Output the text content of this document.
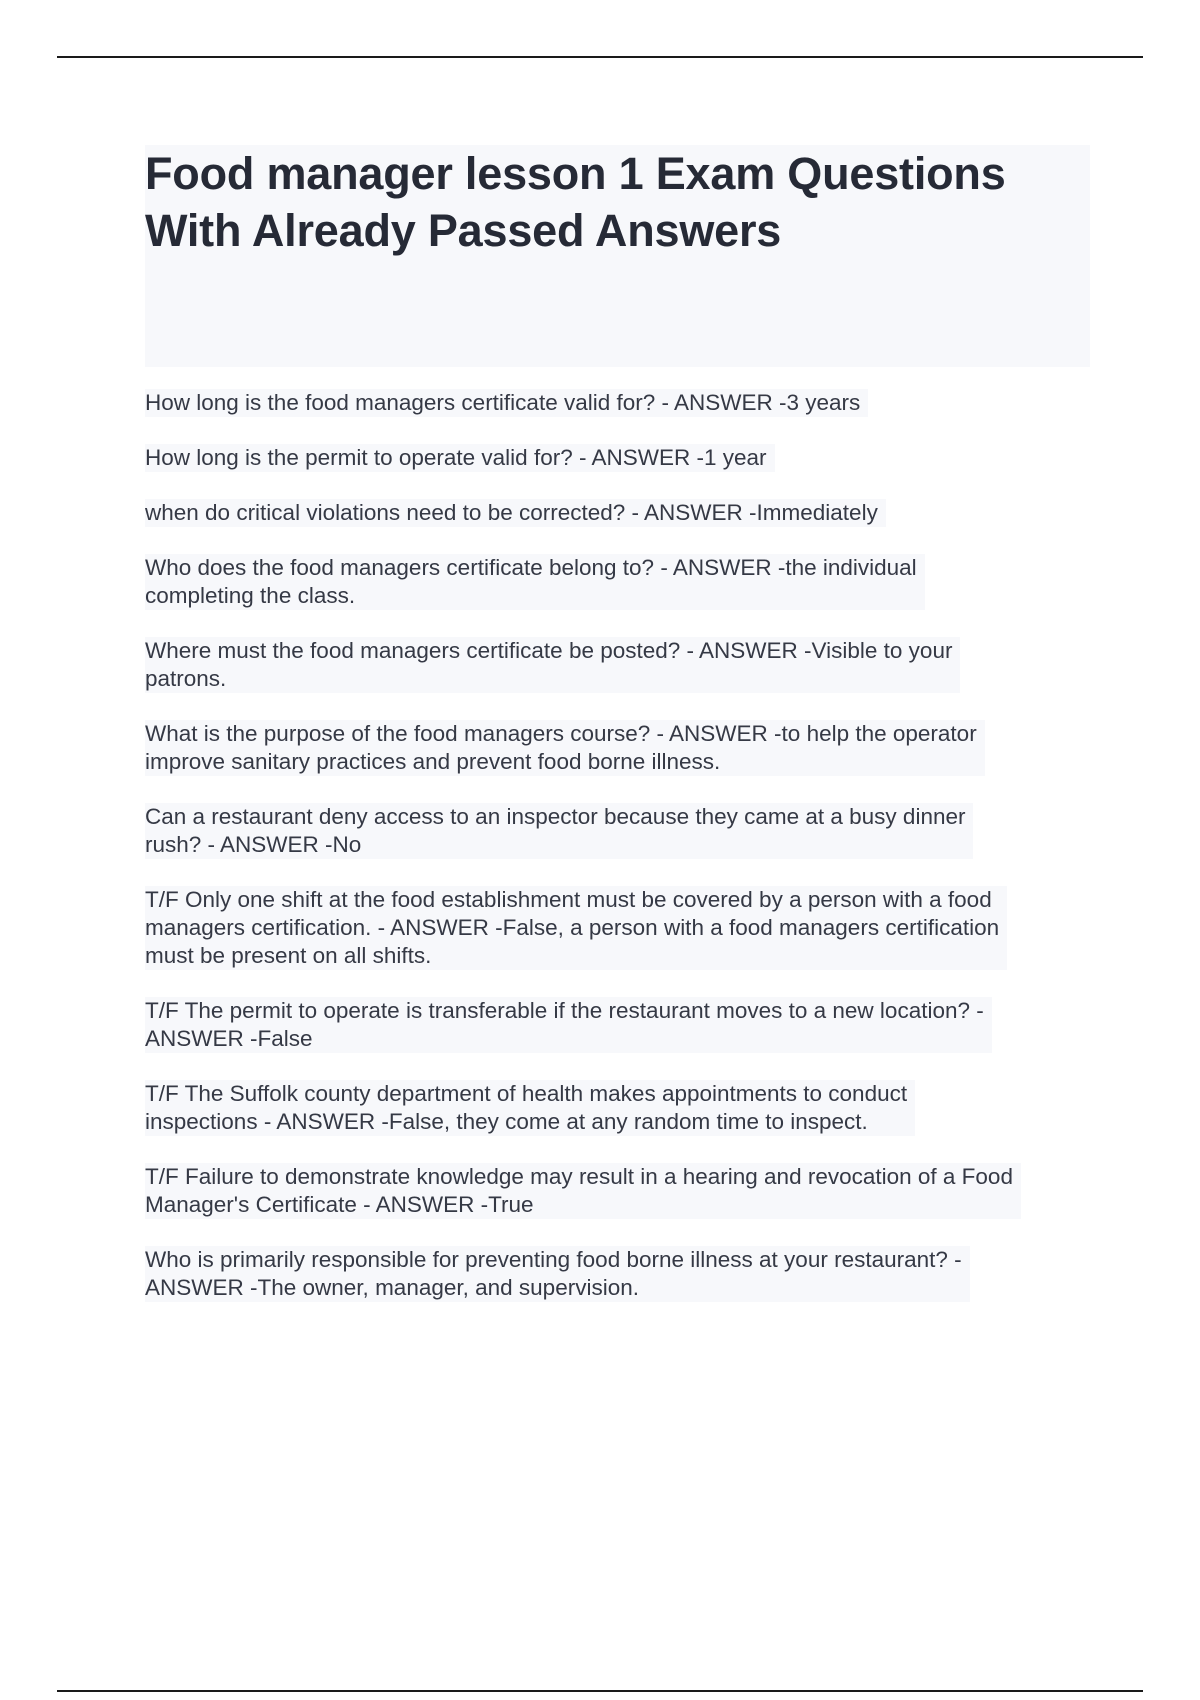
Food manager lesson 1 Exam Questions
With Already Passed Answers

How long is the food managers certificate valid for? - ANSWER -3 years

How long is the permit to operate valid for? - ANSWER -1 year

when do critical violations need to be corrected? - ANSWER -Immediately

Who does the food managers certificate belong to? - ANSWER -the individual
completing the class.

Where must the food managers certificate be posted? - ANSWER -Visible to your
patrons.

What is the purpose of the food managers course? - ANSWER -to help the operator
improve sanitary practices and prevent food borne illness.

Can a restaurant deny access to an inspector because they came at a busy dinner
rush? - ANSWER -No

T/F Only one shift at the food establishment must be covered by a person with a food
managers certification. - ANSWER -False, a person with a food managers certification
must be present on all shifts.

T/F The permit to operate is transferable if the restaurant moves to a new location? -
ANSWER -False

T/F The Suffolk county department of health makes appointments to conduct
inspections - ANSWER -False, they come at any random time to inspect.

T/F Failure to demonstrate knowledge may result in a hearing and revocation of a Food
Manager's Certificate - ANSWER -True

Who is primarily responsible for preventing food borne illness at your restaurant? -
ANSWER -The owner, manager, and supervision.
